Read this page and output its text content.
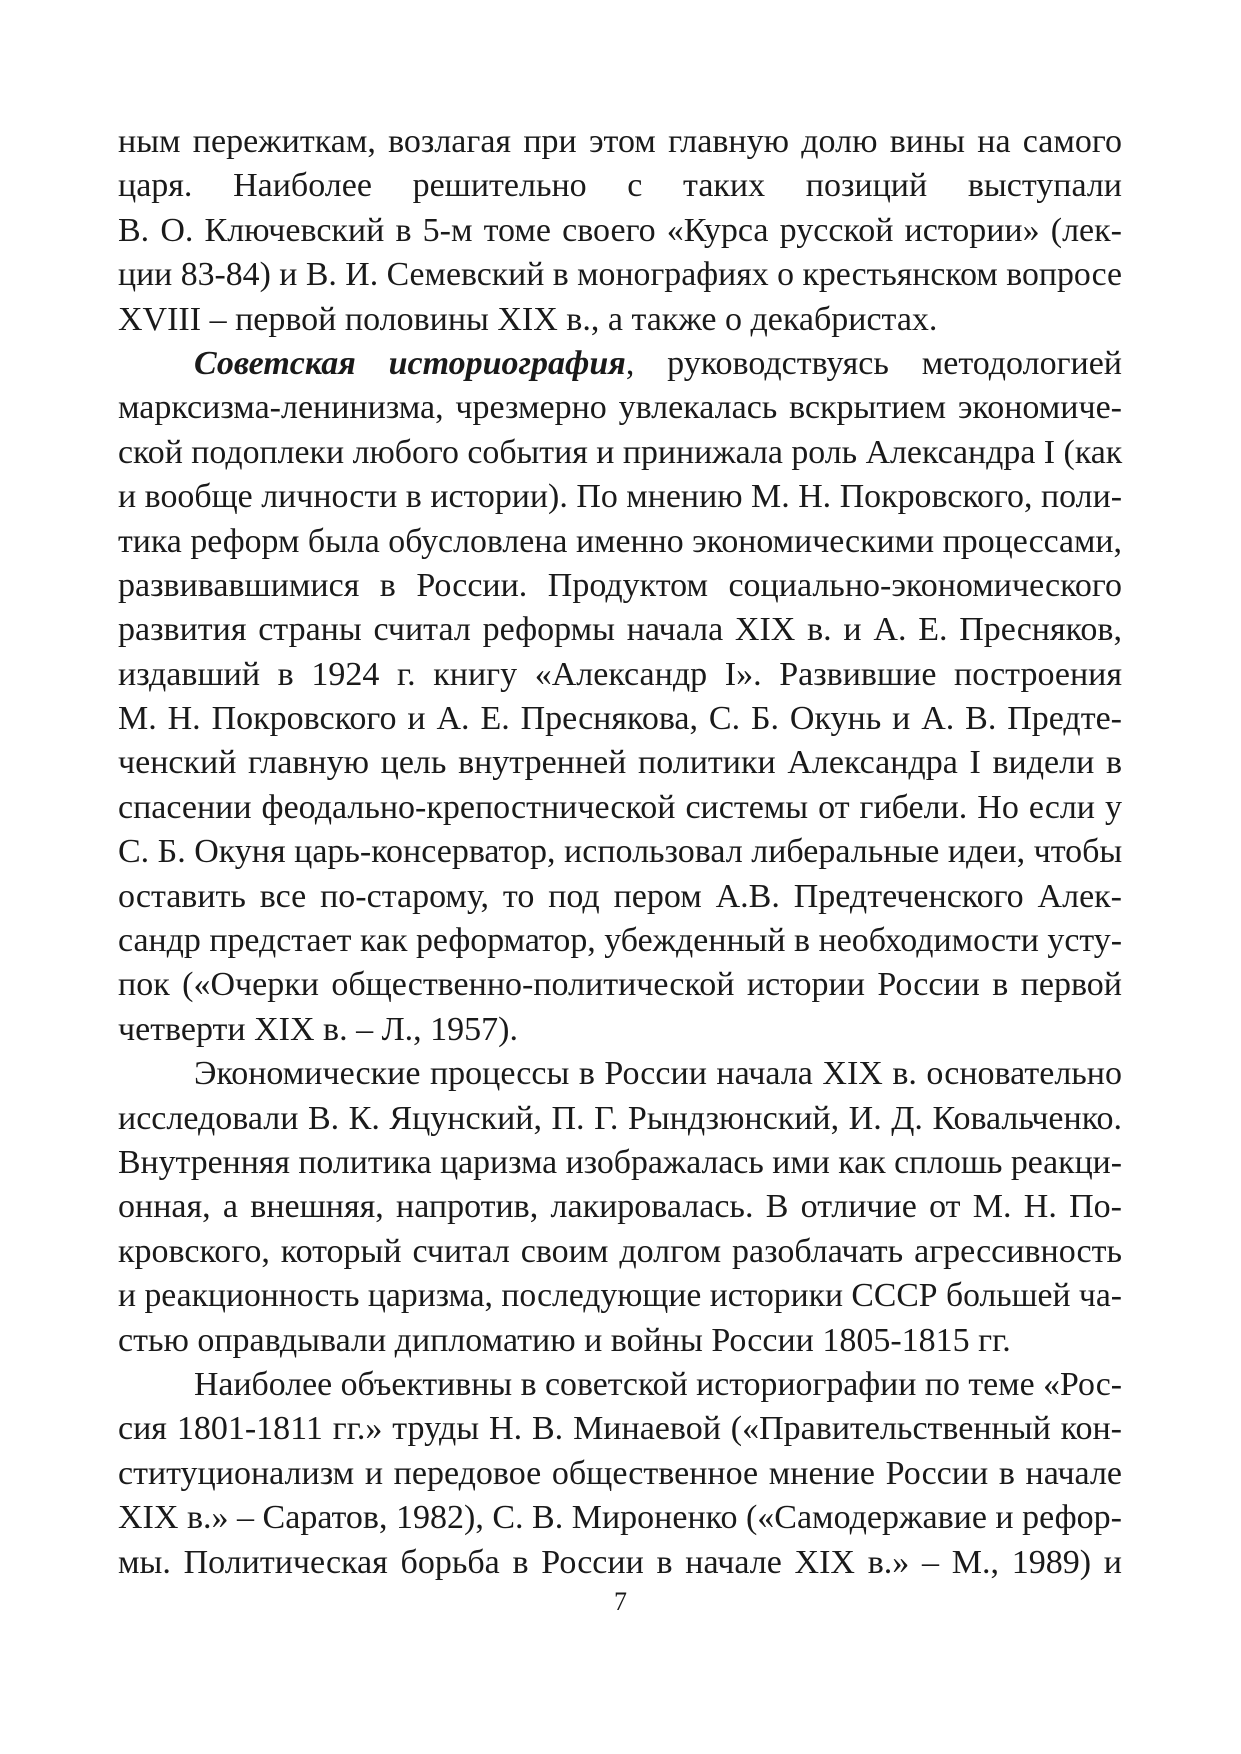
ным пережиткам, возлагая при этом главную долю вины на самого
царя. Наиболее решительно с таких позиций выступали
В. О. Ключевский в 5-м томе своего «Курса русской истории» (лек-
ции 83-84) и В. И. Семевский в монографиях о крестьянском вопросе
XVIII – первой половины XIX в., а также о декабристах.
Советская историография, руководствуясь методологией
марксизма-ленинизма, чрезмерно увлекалась вскрытием экономиче-
ской подоплеки любого события и принижала роль Александра I (как
и вообще личности в истории). По мнению М. Н. Покровского, поли-
тика реформ была обусловлена именно экономическими процессами,
развивавшимися в России. Продуктом социально-экономического
развития страны считал реформы начала XIX в. и А. Е. Пресняков,
издавший в 1924 г. книгу «Александр I». Развившие построения
М. Н. Покровского и А. Е. Преснякова, С. Б. Окунь и А. В. Предте-
ченский главную цель внутренней политики Александра I видели в
спасении феодально-крепостнической системы от гибели. Но если у
С. Б. Окуня царь-консерватор, использовал либеральные идеи, чтобы
оставить все по-старому, то под пером А.В. Предтеченского Алек-
сандр предстает как реформатор, убежденный в необходимости усту-
пок («Очерки общественно-политической истории России в первой
четверти XIX в. – Л., 1957).
Экономические процессы в России начала XIX в. основательно
исследовали В. К. Яцунский, П. Г. Рындзюнский, И. Д. Ковальченко.
Внутренняя политика царизма изображалась ими как сплошь реакци-
онная, а внешняя, напротив, лакировалась. В отличие от М. Н. По-
кровского, который считал своим долгом разоблачать агрессивность
и реакционность царизма, последующие историки СССР большей ча-
стью оправдывали дипломатию и войны России 1805-1815 гг.
Наиболее объективны в советской историографии по теме «Рос-
сия 1801-1811 гг.» труды Н. В. Минаевой («Правительственный кон-
ституционализм и передовое общественное мнение России в начале
XIX в.» – Саратов, 1982), С. В. Мироненко («Самодержавие и рефор-
мы. Политическая борьба в России в начале XIX в.» – М., 1989) и
7
